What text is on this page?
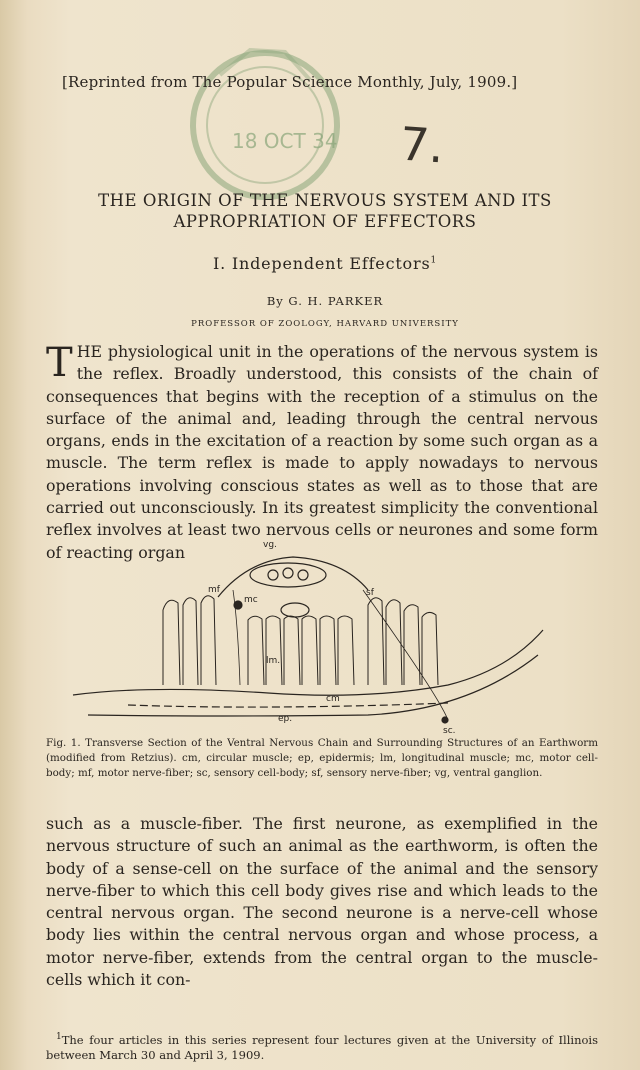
18 OCT 34 7.
[Reprinted from The Popular Science Monthly, July, 1909.]
THE ORIGIN OF THE NERVOUS SYSTEM AND ITS APPROPRIATION OF EFFECTORS
I. Independent Effectors$^1$
By G. H. PARKER
PROFESSOR OF ZOOLOGY, HARVARD UNIVERSITY
THE physiological unit in the operations of the nervous system is the reflex. Broadly understood, this consists of the chain of consequences that begins with the reception of a stimulus on the surface of the animal and, leading through the central nervous organs, ends in the excitation of a reaction by some such organ as a muscle. The term reflex is made to apply nowadays to nervous operations involving conscious states as well as to those that are carried out unconsciously. In its greatest simplicity the conventional reflex involves at least two nervous cells or neurones and some form of reacting organ	vg.
mf
mc
sf
lm.
cm
ep.
sc.
Fig. 1. Transverse Section of the Ventral Nervous Chain and Surrounding Structures of an Earthworm (modified from Retzius). cm, circular muscle; ep, epidermis; lm, longitudinal muscle; mc, motor cell-body; mf, motor nerve-fiber; sc, sensory cell-body; sf, sensory nerve-fiber; vg, ventral ganglion.
such as a muscle-fiber. The first neurone, as exemplified in the nervous structure of such an animal as the earthworm, is often the body of a sense-cell on the surface of the animal and the sensory nerve-fiber to which this cell body gives rise and which leads to the central nervous organ. The second neurone is a nerve-cell whose body lies within the central nervous organ and whose process, a motor nerve-fiber, extends from the central organ to the muscle-cells which it con-
$^1$The four articles in this series represent four lectures given at the University of Illinois between March 30 and April 3, 1909.
